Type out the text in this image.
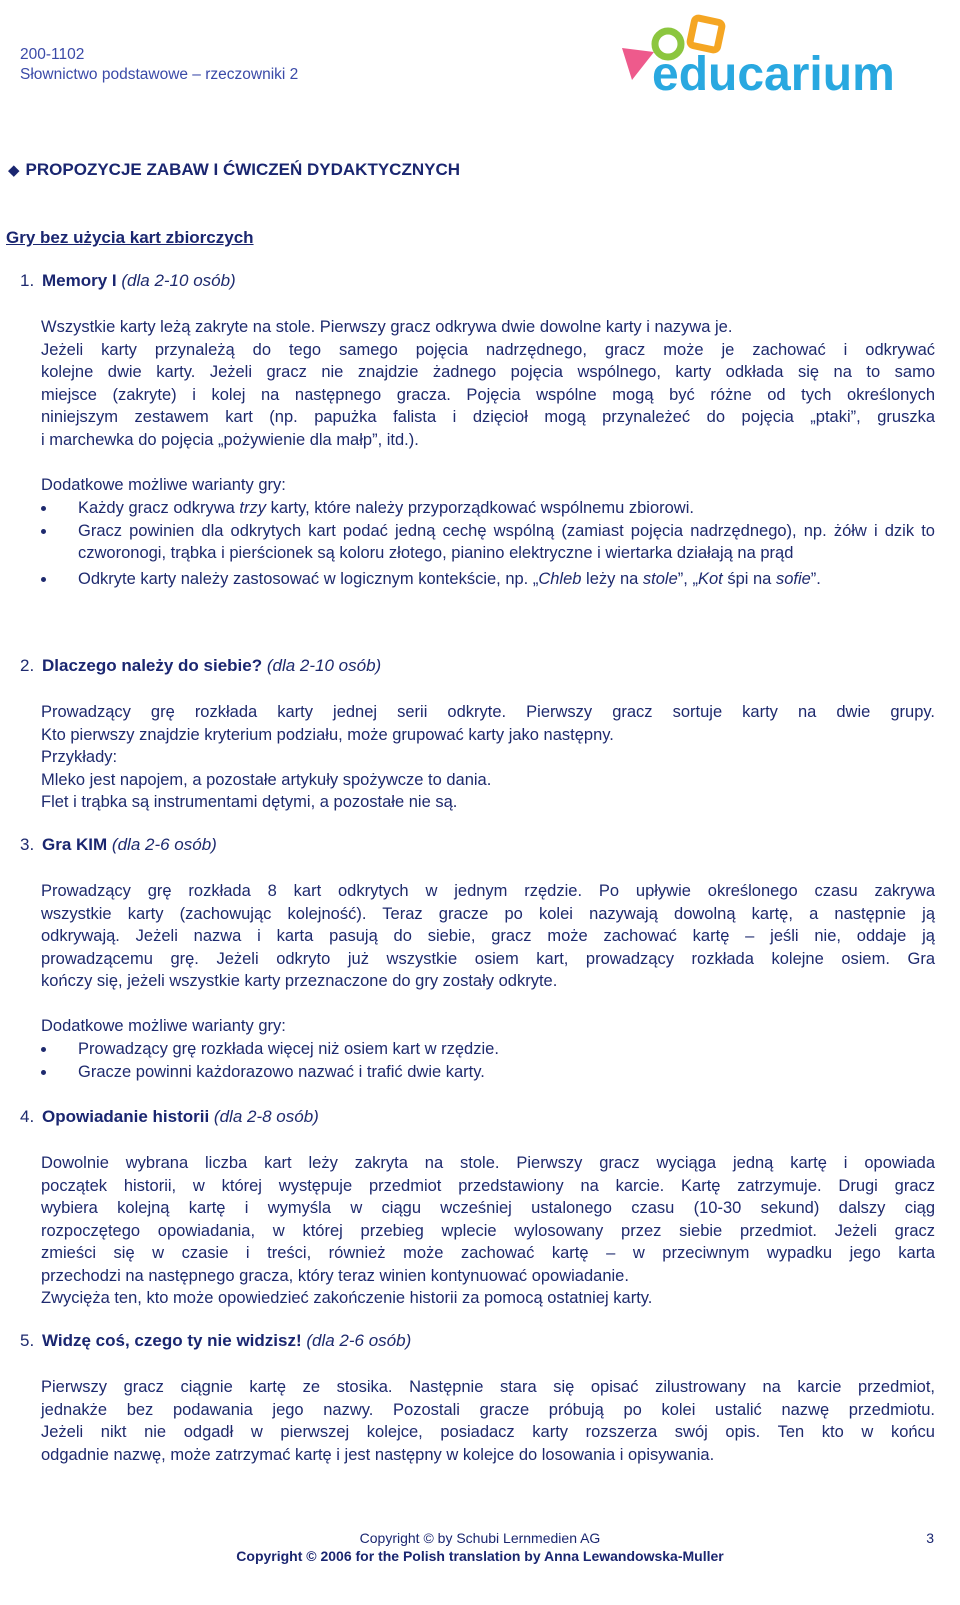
200-1102
Słownictwo podstawowe – rzeczowniki 2	educarium
◆ PROPOZYCJE ZABAW I ĆWICZEŃ DYDAKTYCZNYCH
Gry bez użycia kart zbiorczych
1. Memory I (dla 2-10 osób)

Wszystkie karty leżą zakryte na stole. Pierwszy gracz odkrywa dwie dowolne karty i nazywa je.

Jeżeli karty przynależą do tego samego pojęcia nadrzędnego, gracz może je zachować i odkrywać

kolejne dwie karty. Jeżeli gracz nie znajdzie żadnego pojęcia wspólnego, karty odkłada się na to samo

miejsce (zakryte) i kolej na następnego gracza. Pojęcia wspólne mogą być różne od tych określonych

niniejszym zestawem kart (np. papużka falista i dzięcioł mogą przynależeć do pojęcia „ptaki”, gruszka

i marchewka do pojęcia „pożywienie dla małp”, itd.).

Dodatkowe możliwe warianty gry:
Każdy gracz odkrywa trzy karty, które należy przyporządkować wspólnemu zbiorowi.
Gracz powinien dla odkrytych kart podać jedną cechę wspólną (zamiast pojęcia nadrzędnego), np. żółw i dzik to czworonogi, trąbka i pierścionek są koloru złotego, pianino elektryczne i wiertarka działają na prąd
Odkryte karty należy zastosować w logicznym kontekście, np. „Chleb leży na stole”, „Kot śpi na sofie”.
2. Dlaczego należy do siebie? (dla 2-10 osób)

Prowadzący grę rozkłada karty jednej serii odkryte. Pierwszy gracz sortuje karty na dwie grupy.

Kto pierwszy znajdzie kryterium podziału, może grupować karty jako następny.

Przykłady:

Mleko jest napojem, a pozostałe artykuły spożywcze to dania.

Flet i trąbka są instrumentami dętymi, a pozostałe nie są.

3. Gra KIM (dla 2-6 osób)

Prowadzący grę rozkłada 8 kart odkrytych w jednym rzędzie. Po upływie określonego czasu zakrywa

wszystkie karty (zachowując kolejność). Teraz gracze po kolei nazywają dowolną kartę, a następnie ją

odkrywają. Jeżeli nazwa i karta pasują do siebie, gracz może zachować kartę – jeśli nie, oddaje ją

prowadzącemu grę. Jeżeli odkryto już wszystkie osiem kart, prowadzący rozkłada kolejne osiem. Gra

kończy się, jeżeli wszystkie karty przeznaczone do gry zostały odkryte.

Dodatkowe możliwe warianty gry:
Prowadzący grę rozkłada więcej niż osiem kart w rzędzie.
Gracze powinni każdorazowo nazwać i trafić dwie karty.
4. Opowiadanie historii (dla 2-8 osób)

Dowolnie wybrana liczba kart leży zakryta na stole. Pierwszy gracz wyciąga jedną kartę i opowiada

początek historii, w której występuje przedmiot przedstawiony na karcie. Kartę zatrzymuje. Drugi gracz

wybiera kolejną kartę i wymyśla w ciągu wcześniej ustalonego czasu (10-30 sekund) dalszy ciąg

rozpoczętego opowiadania, w której przebieg wplecie wylosowany przez siebie przedmiot. Jeżeli gracz

zmieści się w czasie i treści, również może zachować kartę – w przeciwnym wypadku jego karta

przechodzi na następnego gracza, który teraz winien kontynuować opowiadanie.

Zwycięża ten, kto może opowiedzieć zakończenie historii za pomocą ostatniej karty.

5. Widzę coś, czego ty nie widzisz! (dla 2-6 osób)

Pierwszy gracz ciągnie kartę ze stosika. Następnie stara się opisać zilustrowany na karcie przedmiot,

jednakże bez podawania jego nazwy. Pozostali gracze próbują po kolei ustalić nazwę przedmiotu.

Jeżeli nikt nie odgadł w pierwszej kolejce, posiadacz karty rozszerza swój opis. Ten kto w końcu

odgadnie nazwę, może zatrzymać kartę i jest następny w kolejce do losowania i opisywania.

Copyright © by Schubi Lernmedien AG
Copyright © 2006 for the Polish translation by Anna Lewandowska-Muller
3
